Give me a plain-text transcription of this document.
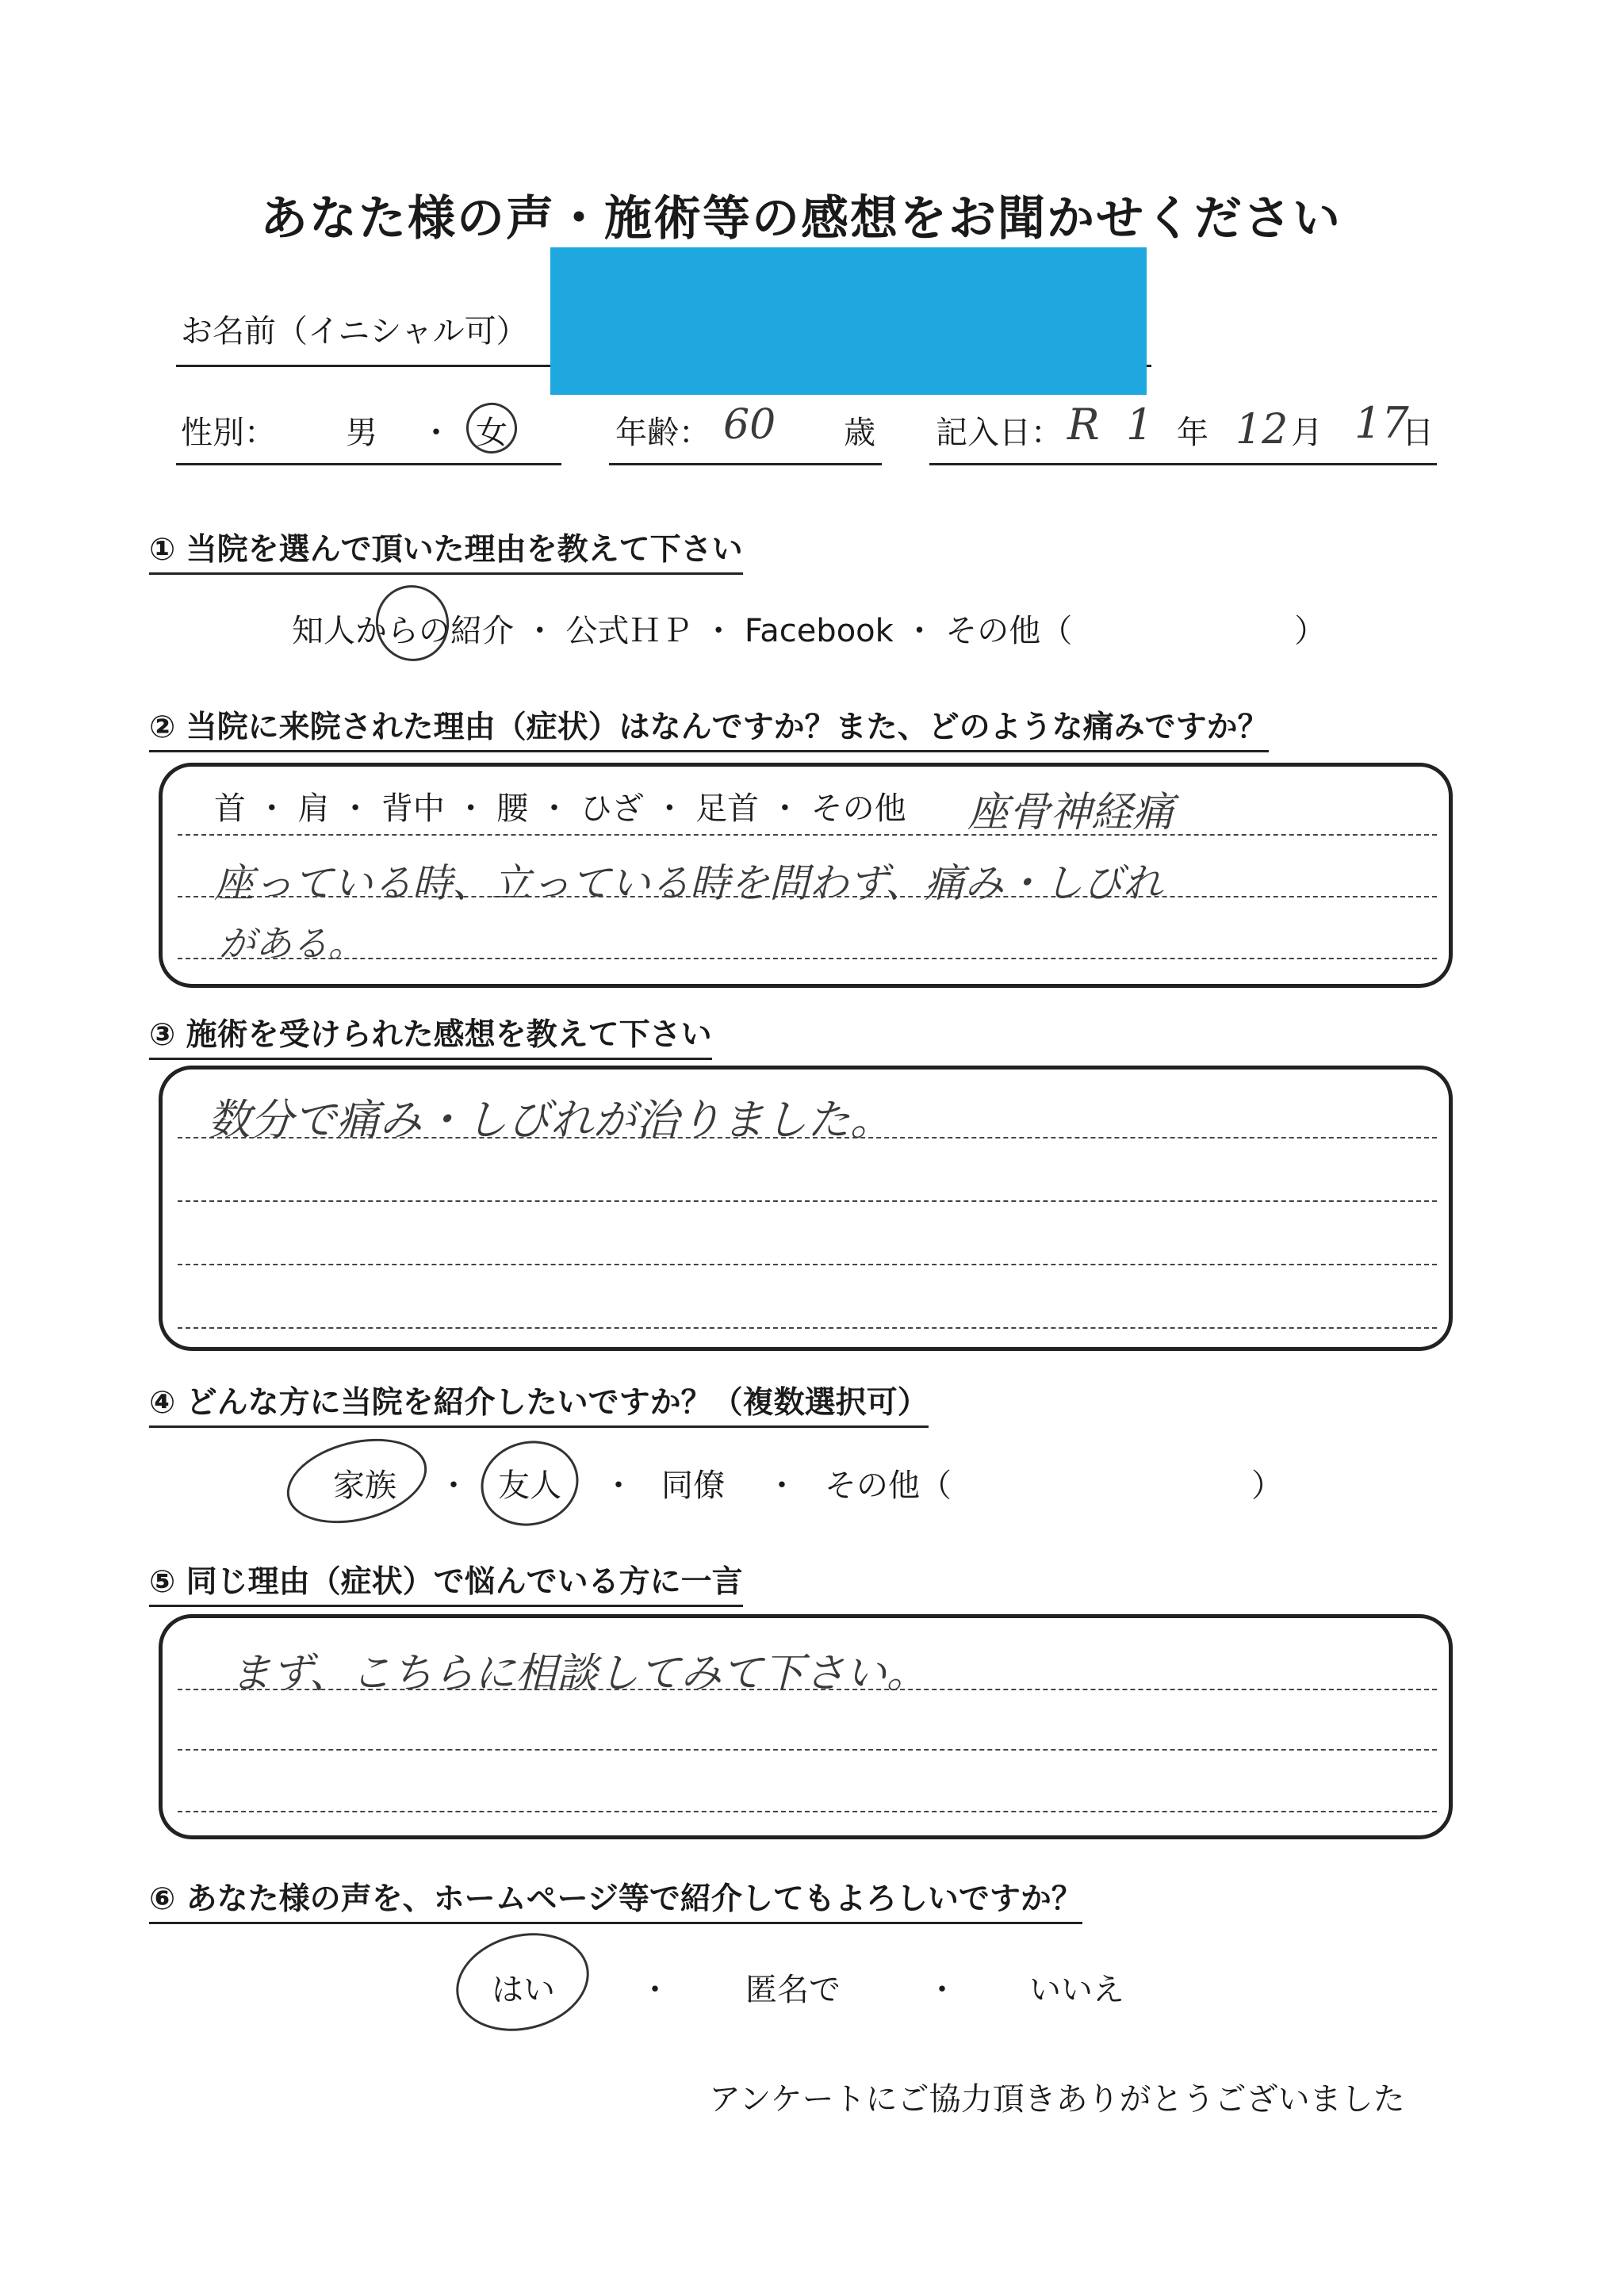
あなた様の声・施術等の感想をお聞かせください
お名前（イニシャル可）
性別： 男 ・ 女	年齢： 60 歳 記入日： R 1 年 12 月 17
日
① 当院を選んで頂いた理由を教えて下さい
知人からの紹介 ・ 公式ＨＰ ・ Facebook ・ その他（　　　　　　　）
② 当院に来院された理由（症状）はなんですか？また、どのような痛みですか？
首 ・ 肩 ・ 背中 ・ 腰 ・ ひざ ・ 足首 ・ その他 座骨神経痛
座っている時、立っている時を問わず、痛み・しびれ
がある。
③ 施術を受けられた感想を教えて下さい
数分で痛み・しびれが治りました。
④ どんな方に当院を紹介したいですか？（複数選択可）
家族 ・ 友人 ・ 同僚 ・ その他（	）
⑤ 同じ理由（症状）で悩んでいる方に一言
まず、こちらに相談してみて下さい。
⑥ あなた様の声を、ホームページ等で紹介してもよろしいですか？
はい	・ 匿名で	・ いいえ
アンケートにご協力頂きありがとうございました
